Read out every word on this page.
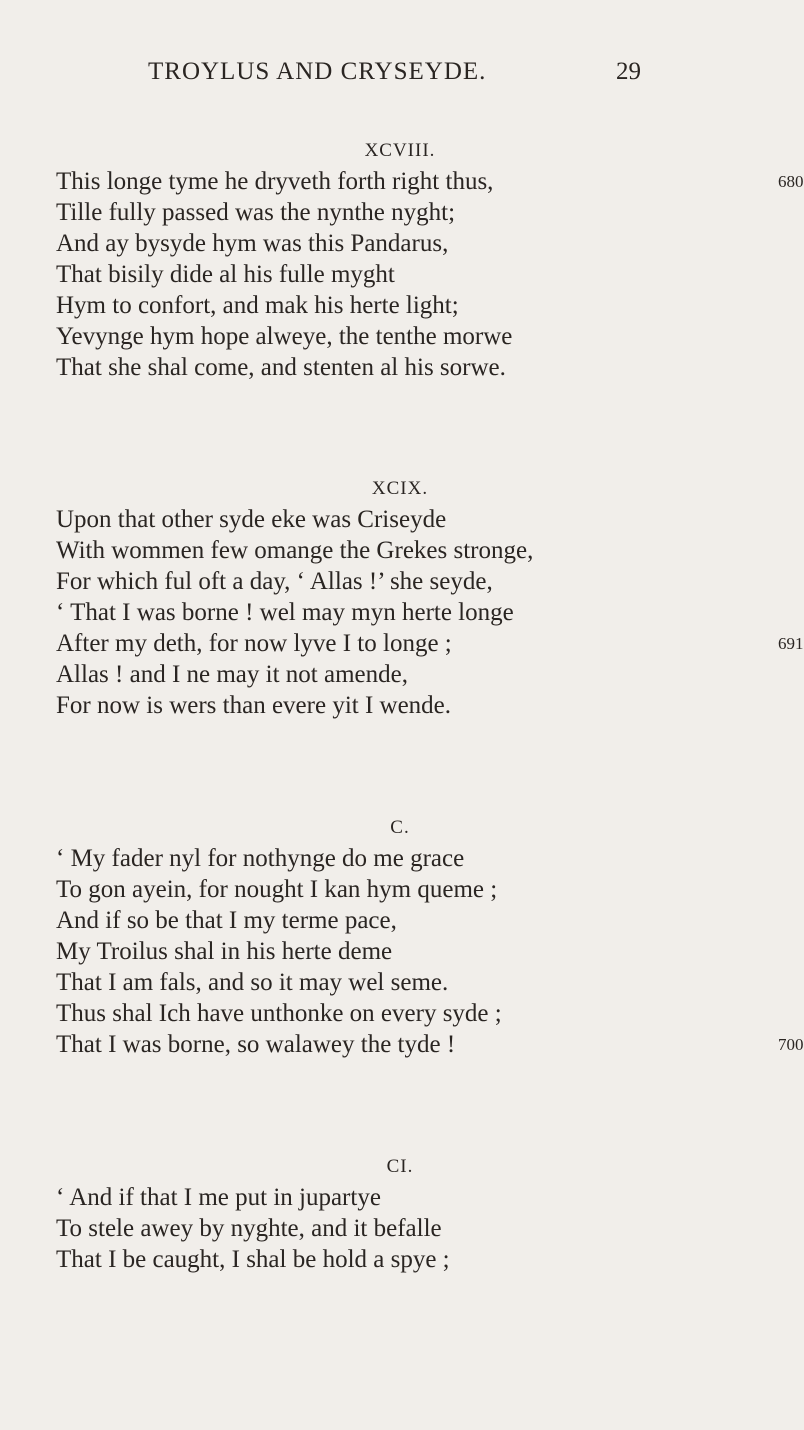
TROYLUS AND CRYSEYDE.	29
XCVIII.
This longe tyme he dryveth forth right thus,	680
Tille fully passed was the nynthe nyght;
And ay bysyde hym was this Pandarus,
That bisily dide al his fulle myght
Hym to confort, and mak his herte light;
Yevynge hym hope alweye, the tenthe morwe
That she shal come, and stenten al his sorwe.
XCIX.
Upon that other syde eke was Criseyde
With wommen few omange the Grekes stronge,
For which ful oft a day, ‘ Allas !’ she seyde,
‘ That I was borne ! wel may myn herte longe
After my deth, for now lyve I to longe ;	691
Allas ! and I ne may it not amende,
For now is wers than evere yit I wende.
C.
‘ My fader nyl for nothynge do me grace
To gon ayein, for nought I kan hym queme ;
And if so be that I my terme pace,
My Troilus shal in his herte deme
That I am fals, and so it may wel seme.
Thus shal Ich have unthonke on every syde ;
That I was borne, so walawey the tyde !	700
CI.
‘ And if that I me put in jupartye
To stele awey by nyghte, and it befalle
That I be caught, I shal be hold a spye ;
